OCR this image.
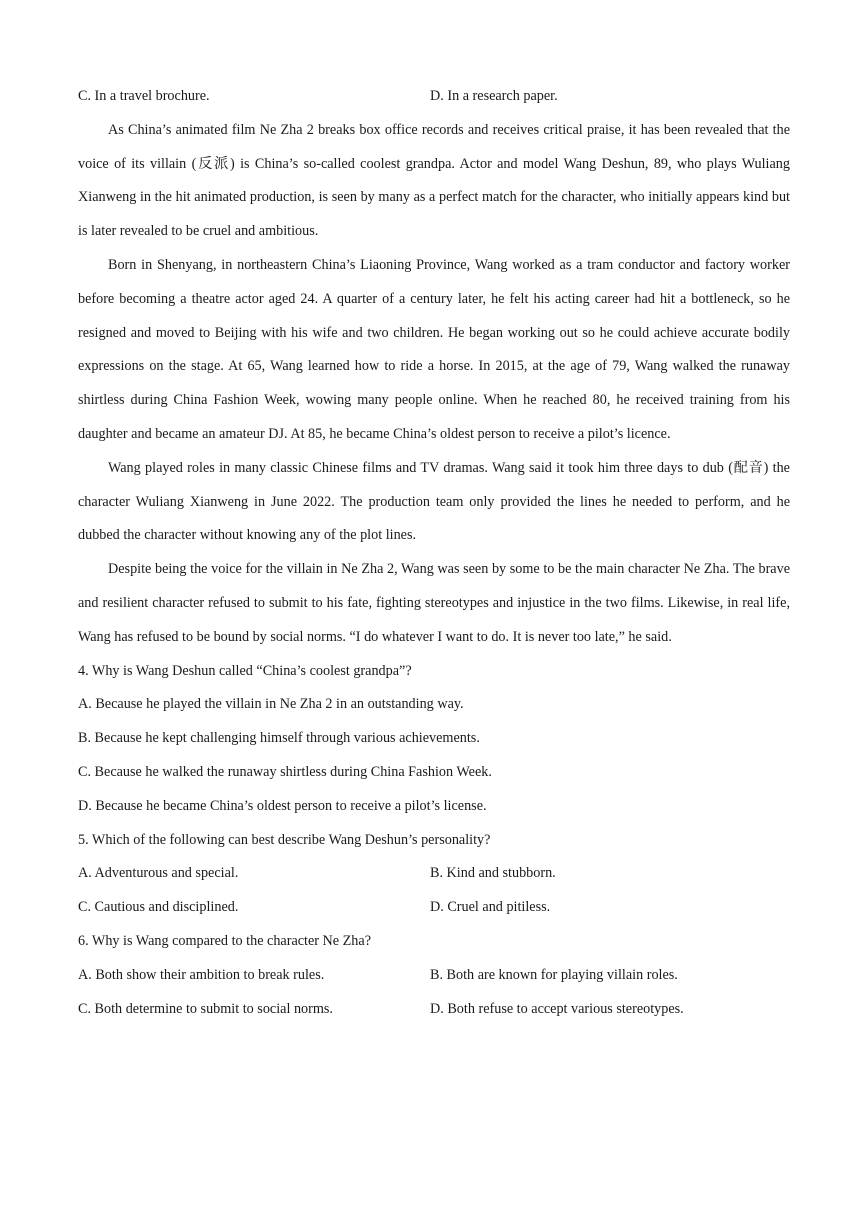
C. In a travel brochure.	D. In a research paper.

As China’s animated film Ne Zha 2 breaks box office records and receives critical praise, it has been revealed that the voice of its villain (反派) is China’s so-called coolest grandpa. Actor and model Wang Deshun, 89, who plays Wuliang Xianweng in the hit animated production, is seen by many as a perfect match for the character, who initially appears kind but is later revealed to be cruel and ambitious.

Born in Shenyang, in northeastern China’s Liaoning Province, Wang worked as a tram conductor and factory worker before becoming a theatre actor aged 24. A quarter of a century later, he felt his acting career had hit a bottleneck, so he resigned and moved to Beijing with his wife and two children. He began working out so he could achieve accurate bodily expressions on the stage. At 65, Wang learned how to ride a horse. In 2015, at the age of 79, Wang walked the runaway shirtless during China Fashion Week, wowing many people online. When he reached 80, he received training from his daughter and became an amateur DJ. At 85, he became China’s oldest person to receive a pilot’s licence.

Wang played roles in many classic Chinese films and TV dramas. Wang said it took him three days to dub (配音) the character Wuliang Xianweng in June 2022. The production team only provided the lines he needed to perform, and he dubbed the character without knowing any of the plot lines.

Despite being the voice for the villain in Ne Zha 2, Wang was seen by some to be the main character Ne Zha. The brave and resilient character refused to submit to his fate, fighting stereotypes and injustice in the two films. Likewise, in real life, Wang has refused to be bound by social norms. “I do whatever I want to do. It is never too late,” he said.

4. Why is Wang Deshun called “China’s coolest grandpa”?
A. Because he played the villain in Ne Zha 2 in an outstanding way.
B. Because he kept challenging himself through various achievements.
C. Because he walked the runaway shirtless during China Fashion Week.
D. Because he became China’s oldest person to receive a pilot’s license.
5. Which of the following can best describe Wang Deshun’s personality?
A. Adventurous and special.	B. Kind and stubborn.
C. Cautious and disciplined.	D. Cruel and pitiless.
6. Why is Wang compared to the character Ne Zha?
A. Both show their ambition to break rules.	B. Both are known for playing villain roles.
C. Both determine to submit to social norms.	D. Both refuse to accept various stereotypes.
